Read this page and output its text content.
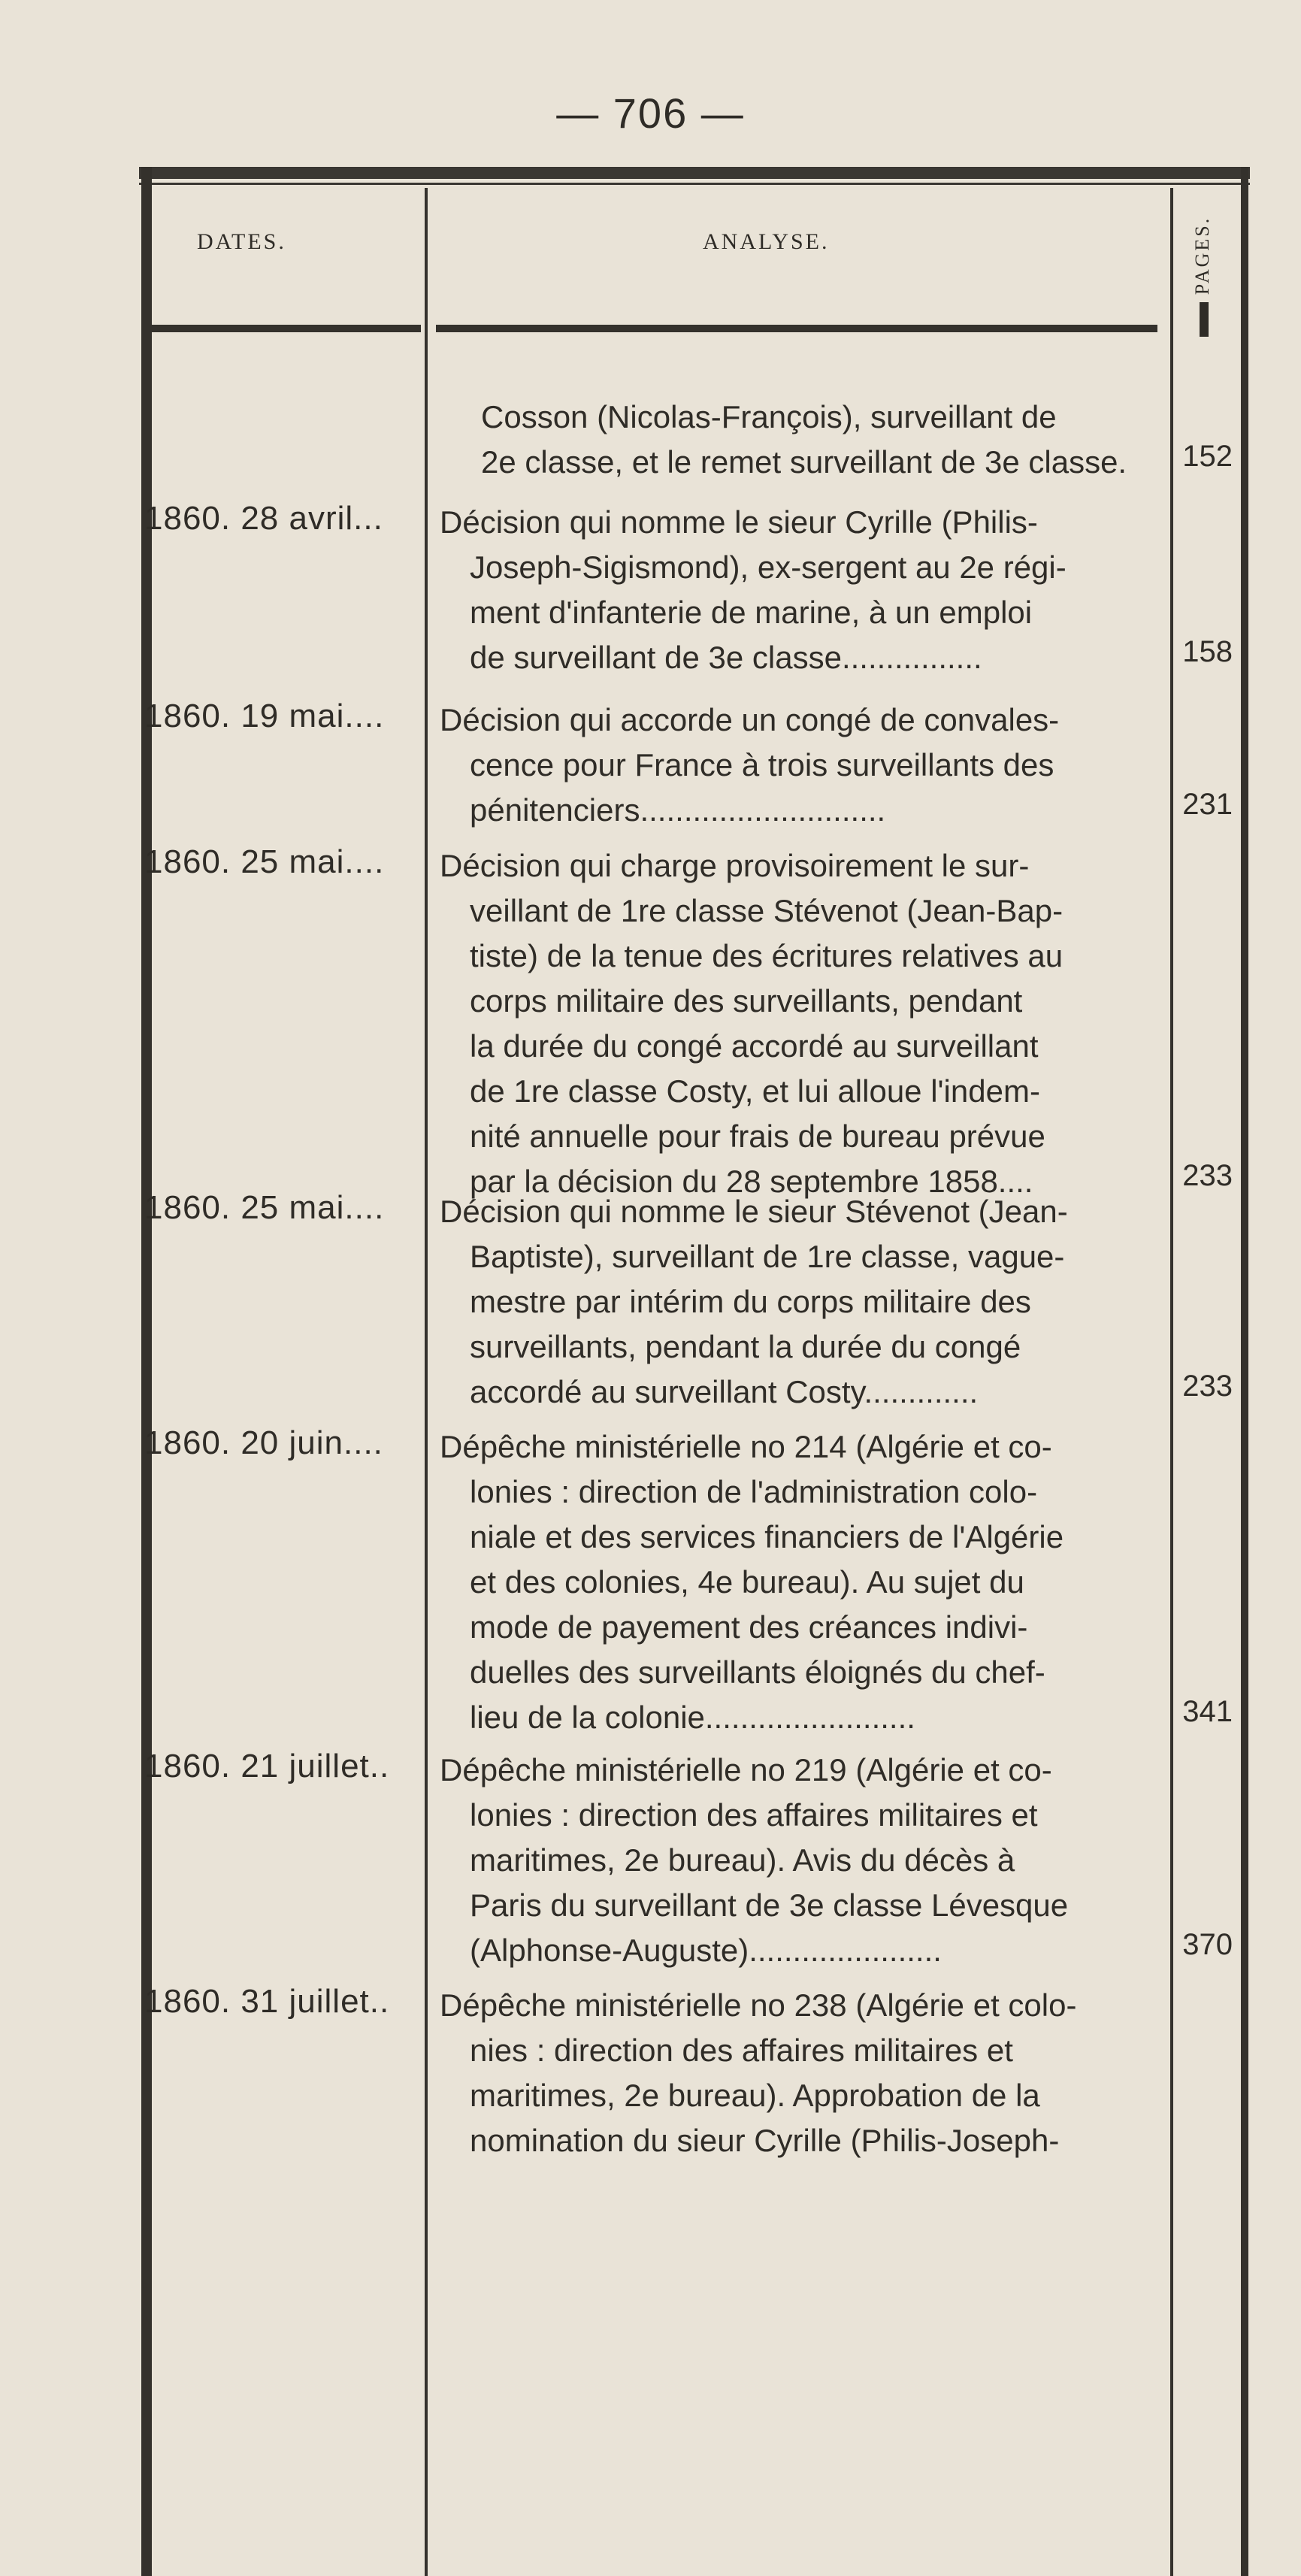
— 706 —
DATES.	ANALYSE.	PAGES.
Cosson (Nicolas-François), surveillant de
2e classe, et le remet surveillant de 3e classe.	152
1860. 28 avril... Décision qui nomme le sieur Cyrille (Philis-
Joseph-Sigismond), ex-sergent au 2e régi-
ment d'infanterie de marine, à un emploi
de surveillant de 3e classe................	158
1860. 19 mai.... Décision qui accorde un congé de convales-
cence pour France à trois surveillants des
pénitenciers............................	231
1860. 25 mai.... Décision qui charge provisoirement le sur-
veillant de 1re classe Stévenot (Jean-Bap-
tiste) de la tenue des écritures relatives au
corps militaire des surveillants, pendant
la durée du congé accordé au surveillant
de 1re classe Costy, et lui alloue l'indem-
nité annuelle pour frais de bureau prévue
par la décision du 28 septembre 1858....	233
1860. 25 mai.... Décision qui nomme le sieur Stévenot (Jean-
Baptiste), surveillant de 1re classe, vague-
mestre par intérim du corps militaire des
surveillants, pendant la durée du congé
accordé au surveillant Costy.............	233
1860. 20 juin.... Dépêche ministérielle no 214 (Algérie et co-
lonies : direction de l'administration colo-
niale et des services financiers de l'Algérie
et des colonies, 4e bureau). Au sujet du
mode de payement des créances indivi-
duelles des surveillants éloignés du chef-
lieu de la colonie........................	341
1860. 21 juillet.. Dépêche ministérielle no 219 (Algérie et co-
lonies : direction des affaires militaires et
maritimes, 2e bureau). Avis du décès à
Paris du surveillant de 3e classe Lévesque
(Alphonse-Auguste)......................	370
1860. 31 juillet.. Dépêche ministérielle no 238 (Algérie et colo-
nies : direction des affaires militaires et
maritimes, 2e bureau). Approbation de la
nomination du sieur Cyrille (Philis-Joseph-
